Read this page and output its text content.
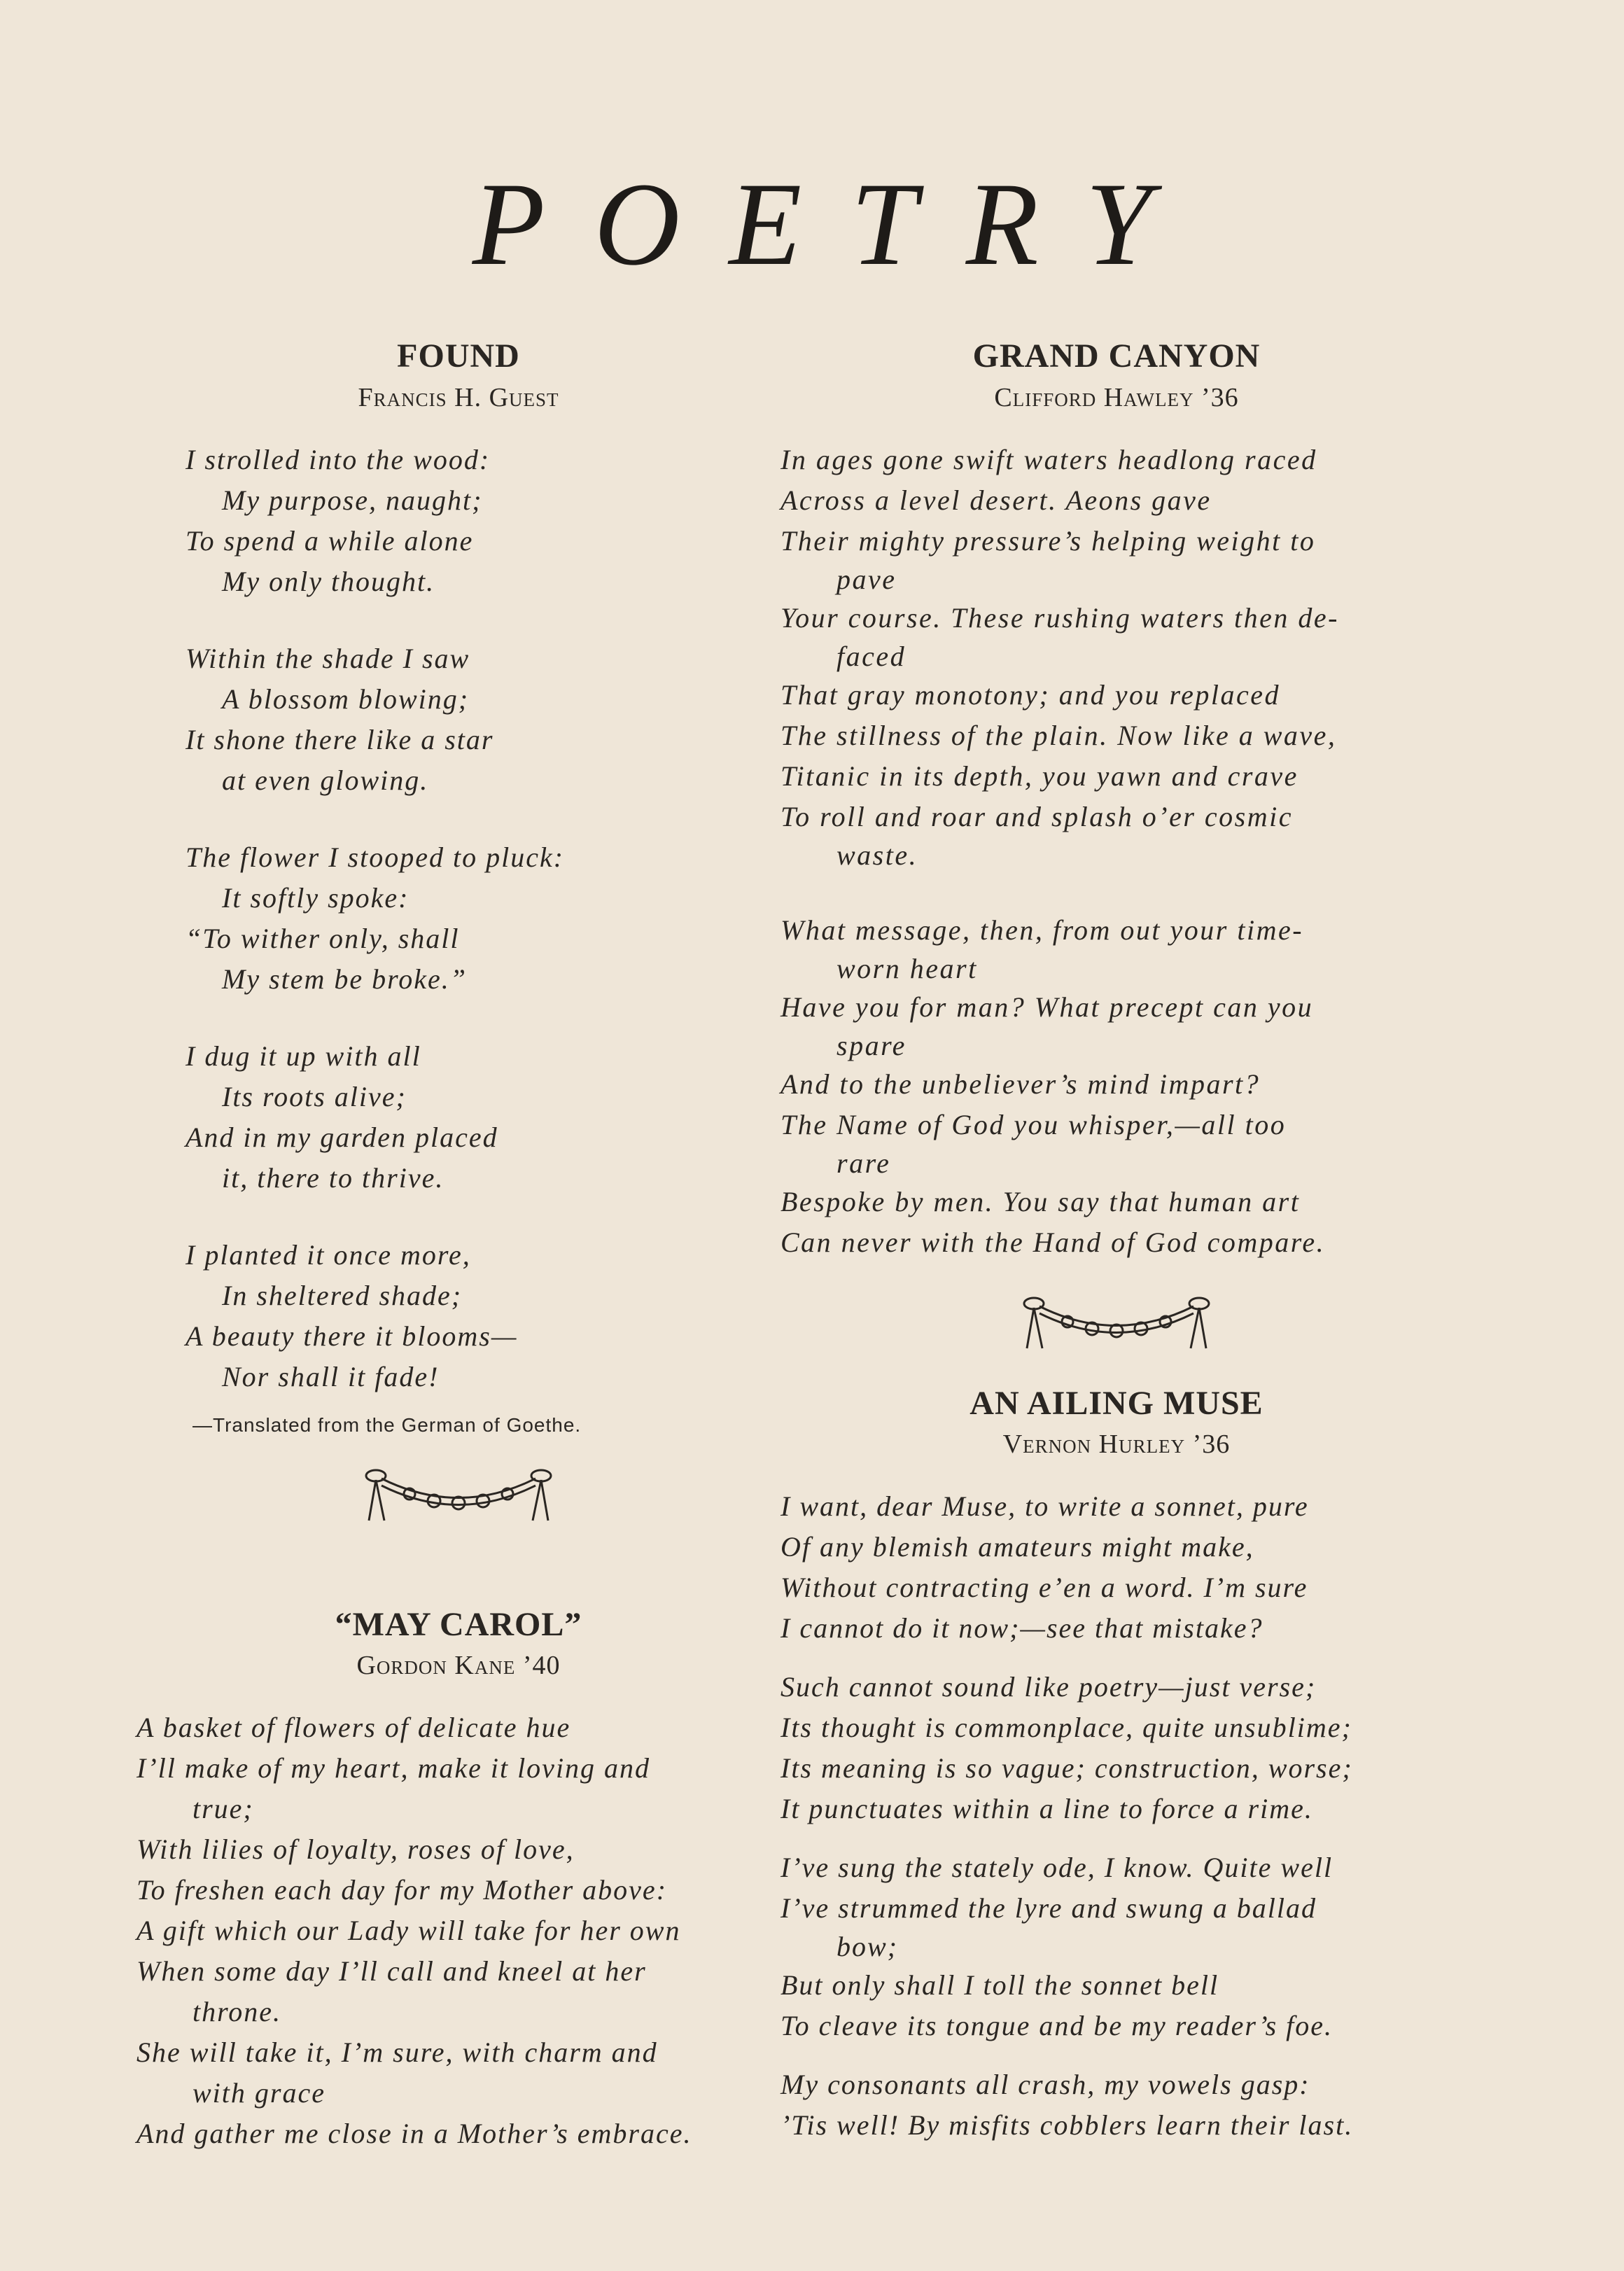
POETRY
FOUND
Francis H. Guest
I strolled into the wood:
My purpose, naught;
To spend a while alone
My only thought.
Within the shade I saw
A blossom blowing;
It shone there like a star
at even glowing.
The flower I stooped to pluck:
It softly spoke:
“To wither only, shall
My stem be broke.”
I dug it up with all
Its roots alive;
And in my garden placed
it, there to thrive.
I planted it once more,
In sheltered shade;
A beauty there it blooms—
Nor shall it fade!
—Translated from the German of Goethe.
“MAY CAROL”
Gordon Kane ’40
A basket of flowers of delicate hue
I’ll make of my heart, make it loving and
true;
With lilies of loyalty, roses of love,
To freshen each day for my Mother above:
A gift which our Lady will take for her own
When some day I’ll call and kneel at her
throne.
She will take it, I’m sure, with charm and
with grace
And gather me close in a Mother’s embrace.
GRAND CANYON
Clifford Hawley ’36
In ages gone swift waters headlong raced
Across a level desert. Aeons gave
Their mighty pressure’s helping weight to
pave
Your course. These rushing waters then de-
faced
That gray monotony; and you replaced
The stillness of the plain. Now like a wave,
Titanic in its depth, you yawn and crave
To roll and roar and splash o’er cosmic
waste.
What message, then, from out your time-
worn heart
Have you for man? What precept can you
spare
And to the unbeliever’s mind impart?
The Name of God you whisper,—all too
rare
Bespoke by men. You say that human art
Can never with the Hand of God compare.
AN AILING MUSE
Vernon Hurley ’36
I want, dear Muse, to write a sonnet, pure
Of any blemish amateurs might make,
Without contracting e’en a word. I’m sure
I cannot do it now;—see that mistake?
Such cannot sound like poetry—just verse;
Its thought is commonplace, quite unsublime;
Its meaning is so vague; construction, worse;
It punctuates within a line to force a rime.
I’ve sung the stately ode, I know. Quite well
I’ve strummed the lyre and swung a ballad
bow;
But only shall I toll the sonnet bell
To cleave its tongue and be my reader’s foe.
My consonants all crash, my vowels gasp:
’Tis well! By misfits cobblers learn their last.
